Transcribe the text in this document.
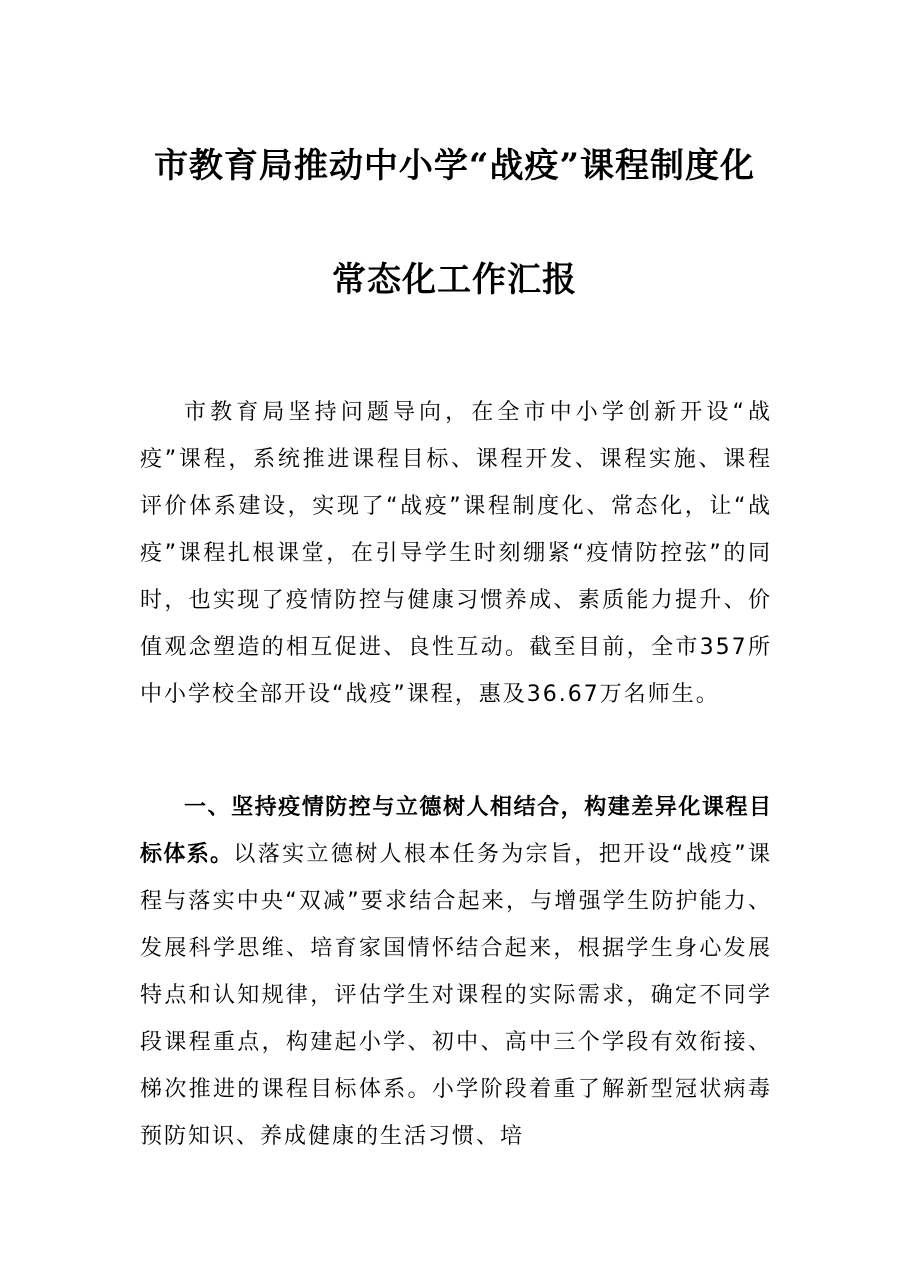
市教育局推动中小学“战疫”课程制度化
常态化工作汇报

市教育局坚持问题导向，在全市中小学创新开设“战疫”课程，系统推进课程目标、课程开发、课程实施、课程评价体系建设，实现了“战疫”课程制度化、常态化，让“战疫”课程扎根课堂，在引导学生时刻绷紧“疫情防控弦”的同时，也实现了疫情防控与健康习惯养成、素质能力提升、价值观念塑造的相互促进、良性互动。截至目前，全市357所中小学校全部开设“战疫”课程，惠及36.67万名师生。

一、坚持疫情防控与立德树人相结合，构建差异化课程目标体系。以落实立德树人根本任务为宗旨，把开设“战疫”课程与落实中央“双减”要求结合起来，与增强学生防护能力、发展科学思维、培育家国情怀结合起来，根据学生身心发展特点和认知规律，评估学生对课程的实际需求，确定不同学段课程重点，构建起小学、初中、高中三个学段有效衔接、梯次推进的课程目标体系。小学阶段着重了解新型冠状病毒预防知识、养成健康的生活习惯、培
